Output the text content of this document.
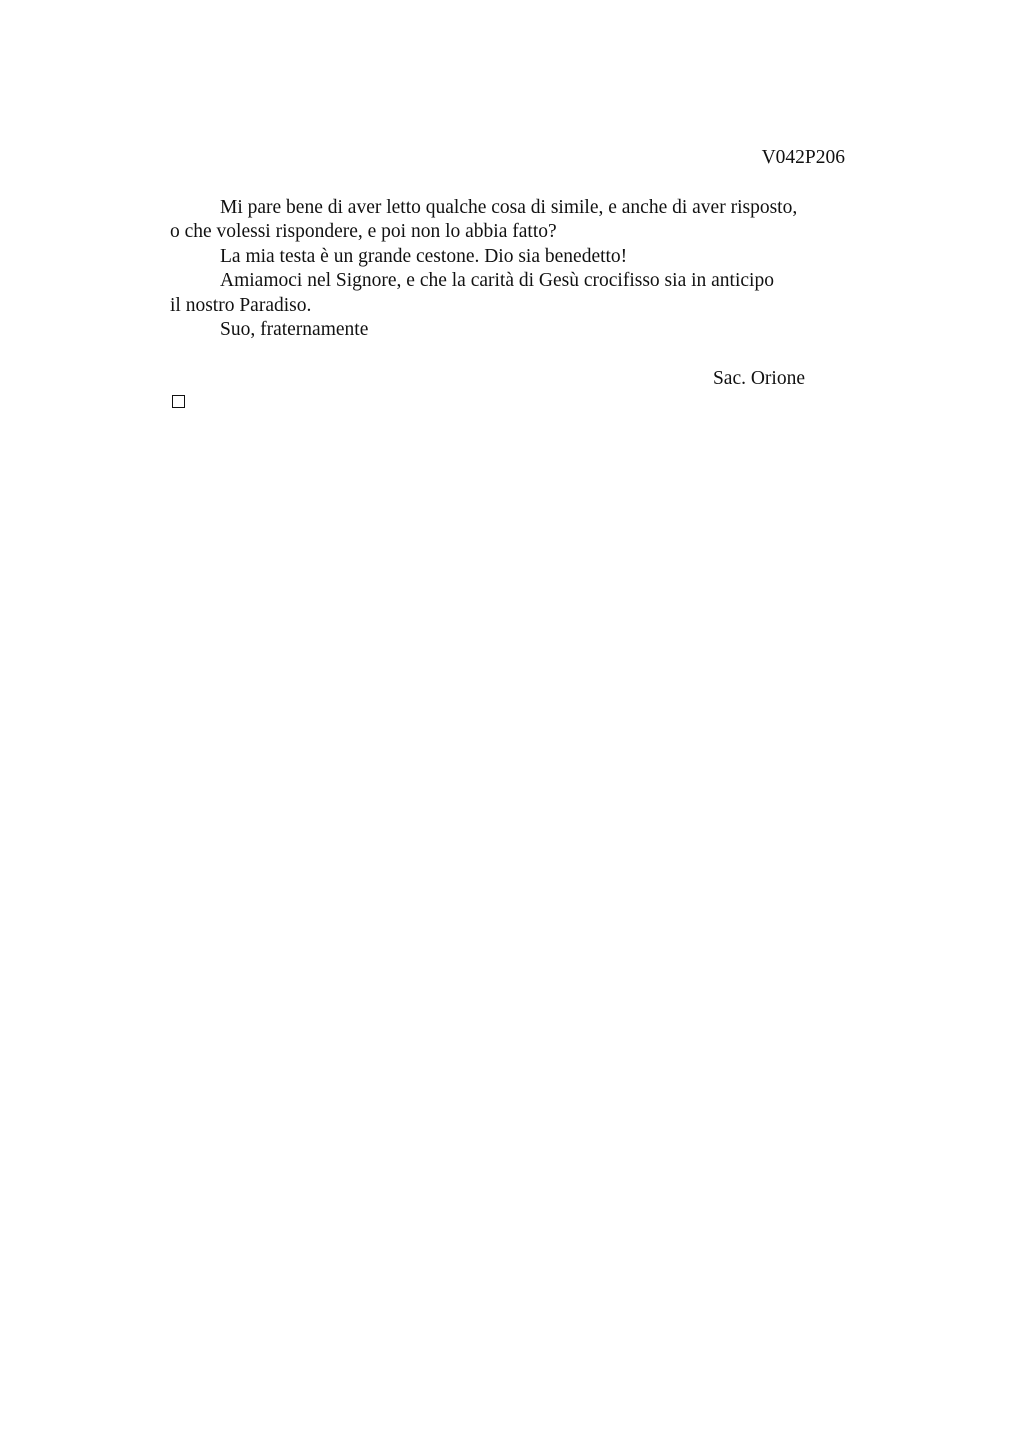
V042P206
Mi pare bene di aver letto qualche cosa di simile, e anche di aver risposto,
o che volessi rispondere, e poi non lo abbia fatto?
La mia testa è un grande cestone. Dio sia benedetto!
Amiamoci nel Signore, e che la carità di Gesù crocifisso sia in anticipo
il nostro Paradiso.
Suo, fraternamente
Sac. Orione
